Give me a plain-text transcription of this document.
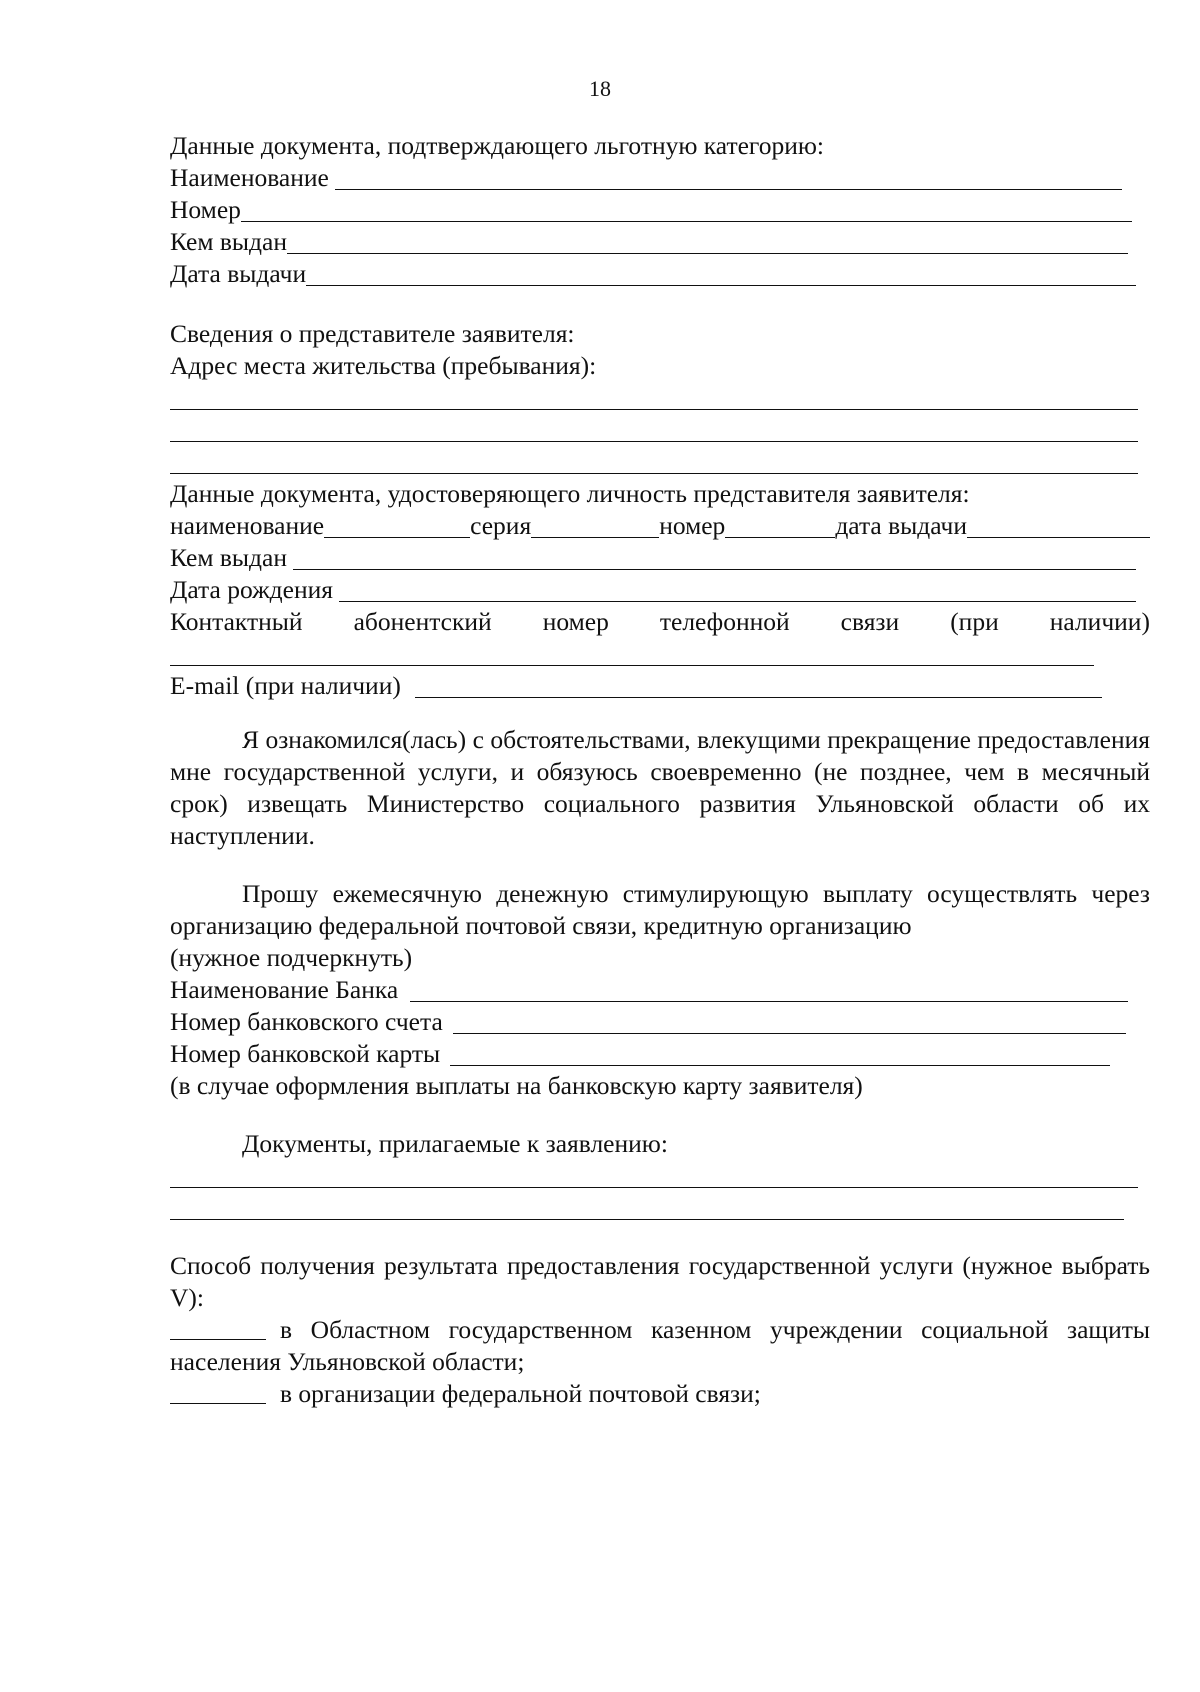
18
Данные документа, подтверждающего льготную категорию:
Наименование
Номер
Кем выдан
Дата выдачи
Сведения о представителе заявителя:
Адрес места жительства (пребывания):
Данные документа, удостоверяющего личность представителя заявителя:
наименование	серия	номер	дата выдачи
Кем выдан
Дата рождения
Контактный абонентский номер телефонной связи (при наличии)
E-mail (при наличии)
Я ознакомился(лась) с обстоятельствами, влекущими прекращение предоставления мне государственной услуги, и обязуюсь своевременно (не позднее, чем в месячный срок) извещать Министерство социального развития Ульяновской области об их наступлении.
Прошу ежемесячную денежную стимулирующую выплату осуществлять через организацию федеральной почтовой связи, кредитную организацию
(нужное подчеркнуть)
Наименование Банка
Номер банковского счета
Номер банковской карты
(в случае оформления выплаты на банковскую карту заявителя)
Документы, прилагаемые к заявлению:
Способ получения результата предоставления государственной услуги (нужное выбрать V):
в Областном государственном казенном учреждении социальной защиты населения Ульяновской области;
в организации федеральной почтовой связи;
